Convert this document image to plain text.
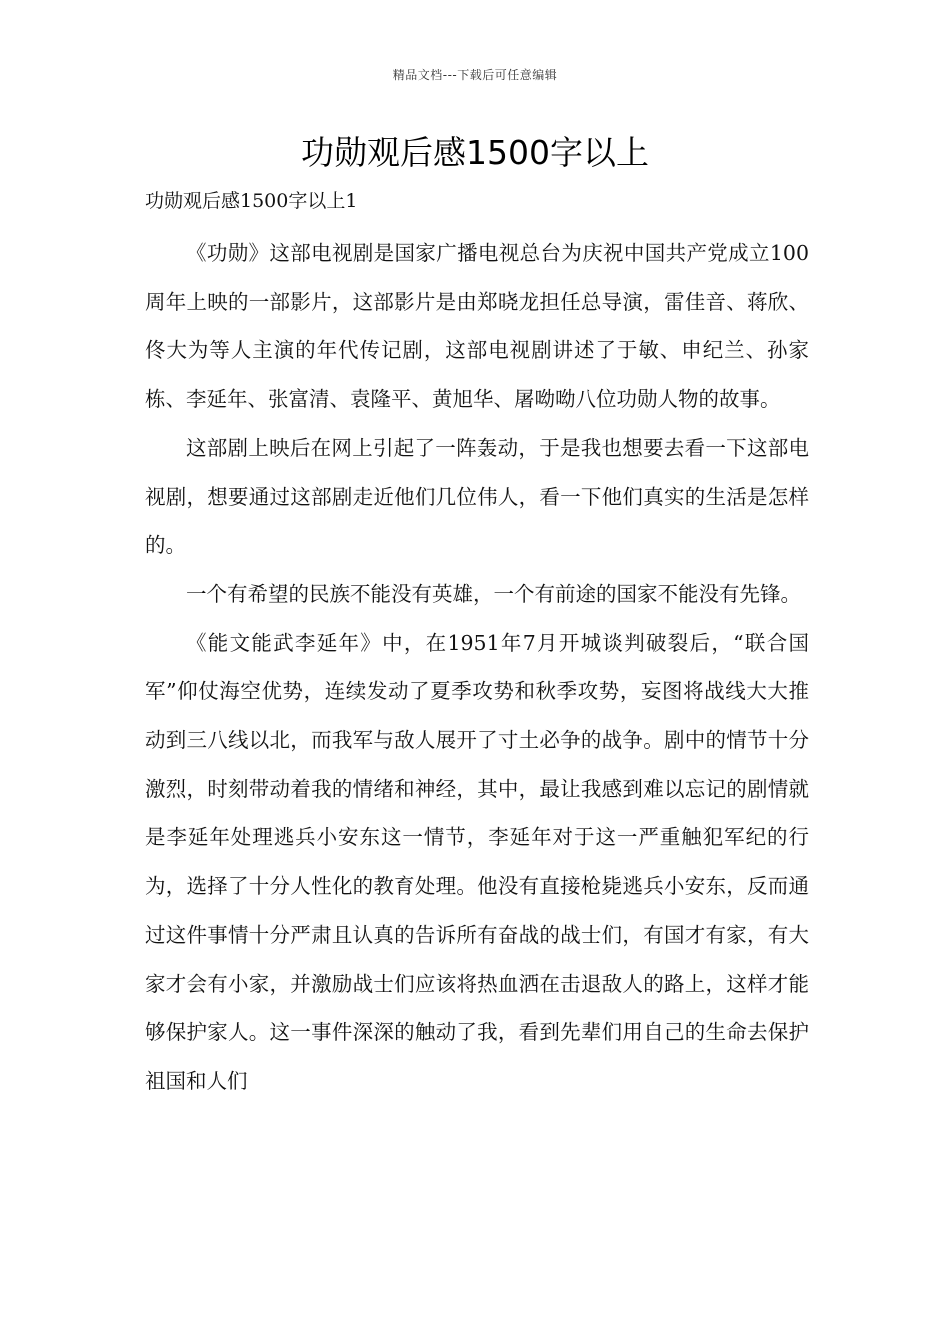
精品文档---下载后可任意编辑
功勋观后感1500字以上
功勋观后感1500字以上1

《功勋》这部电视剧是国家广播电视总台为庆祝中国共产党成立100周年上映的一部影片，这部影片是由郑晓龙担任总导演，雷佳音、蒋欣、佟大为等人主演的年代传记剧，这部电视剧讲述了于敏、申纪兰、孙家栋、李延年、张富清、袁隆平、黄旭华、屠呦呦八位功勋人物的故事。

这部剧上映后在网上引起了一阵轰动，于是我也想要去看一下这部电视剧，想要通过这部剧走近他们几位伟人，看一下他们真实的生活是怎样的。

一个有希望的民族不能没有英雄，一个有前途的国家不能没有先锋。

《能文能武李延年》中，在1951年7月开城谈判破裂后，“联合国军”仰仗海空优势，连续发动了夏季攻势和秋季攻势，妄图将战线大大推动到三八线以北，而我军与敌人展开了寸土必争的战争。剧中的情节十分激烈，时刻带动着我的情绪和神经，其中，最让我感到难以忘记的剧情就是李延年处理逃兵小安东这一情节，李延年对于这一严重触犯军纪的行为，选择了十分人性化的教育处理。他没有直接枪毙逃兵小安东，反而通过这件事情十分严肃且认真的告诉所有奋战的战士们，有国才有家，有大家才会有小家，并激励战士们应该将热血洒在击退敌人的路上，这样才能够保护家人。这一事件深深的触动了我，看到先辈们用自己的生命去保护祖国和人们
